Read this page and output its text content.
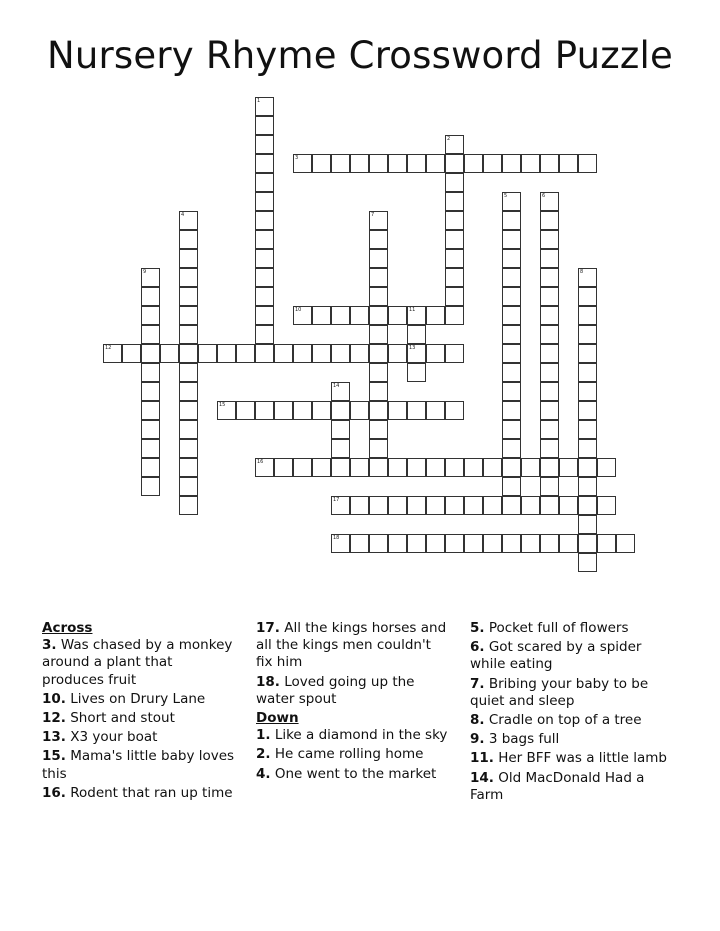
Nursery Rhyme Crossword Puzzle
1
2
3
4
5	6
7
8
9
10	11
13
12
14
15
16
17
18
Across
3. Was chased by a monkey around a plant that produces fruit
10. Lives on Drury Lane
12. Short and stout
13. X3 your boat
15. Mama's little baby loves this
16. Rodent that ran up time
17. All the kings horses and all the kings men couldn't fix him
18. Loved going up the water spout
Down
1. Like a diamond in the sky
2. He came rolling home
4. One went to the market
5. Pocket full of flowers
6. Got scared by a spider while eating
7. Bribing your baby to be quiet and sleep
8. Cradle on top of a tree
9. 3 bags full
11. Her BFF was a little lamb
14. Old MacDonald Had a Farm
